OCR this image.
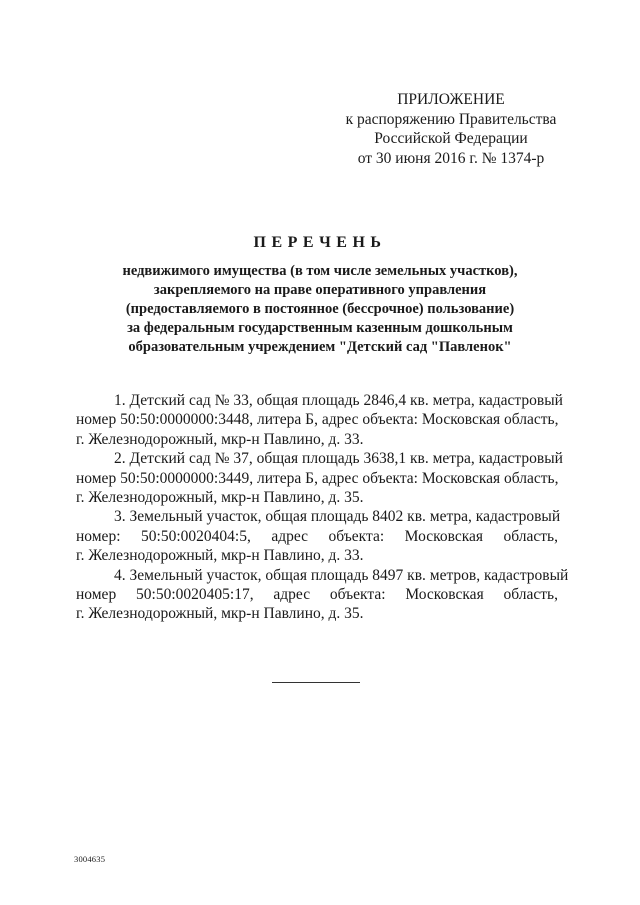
ПРИЛОЖЕНИЕ
к распоряжению Правительства
Российской Федерации
от 30 июня 2016 г. № 1374-р
ПЕРЕЧЕНЬ
недвижимого имущества (в том числе земельных участков),
закрепляемого на праве оперативного управления
(предоставляемого в постоянное (бессрочное) пользование)
за федеральным государственным казенным дошкольным
образовательным учреждением "Детский сад "Павленок"
1. Детский сад № 33, общая площадь 2846,4 кв. метра, кадастровый
номер 50:50:0000000:3448, литера Б, адрес объекта: Московская область,
г. Железнодорожный, мкр-н Павлино, д. 33.
2. Детский сад № 37, общая площадь 3638,1 кв. метра, кадастровый
номер 50:50:0000000:3449, литера Б, адрес объекта: Московская область,
г. Железнодорожный, мкр-н Павлино, д. 35.
3. Земельный участок, общая площадь 8402 кв. метра, кадастровый
номер: 50:50:0020404:5, адрес объекта: Московская область,
г. Железнодорожный, мкр-н Павлино, д. 33.
4. Земельный участок, общая площадь 8497 кв. метров, кадастровый
номер 50:50:0020405:17, адрес объекта: Московская область,
г. Железнодорожный, мкр-н Павлино, д. 35.
3004635
